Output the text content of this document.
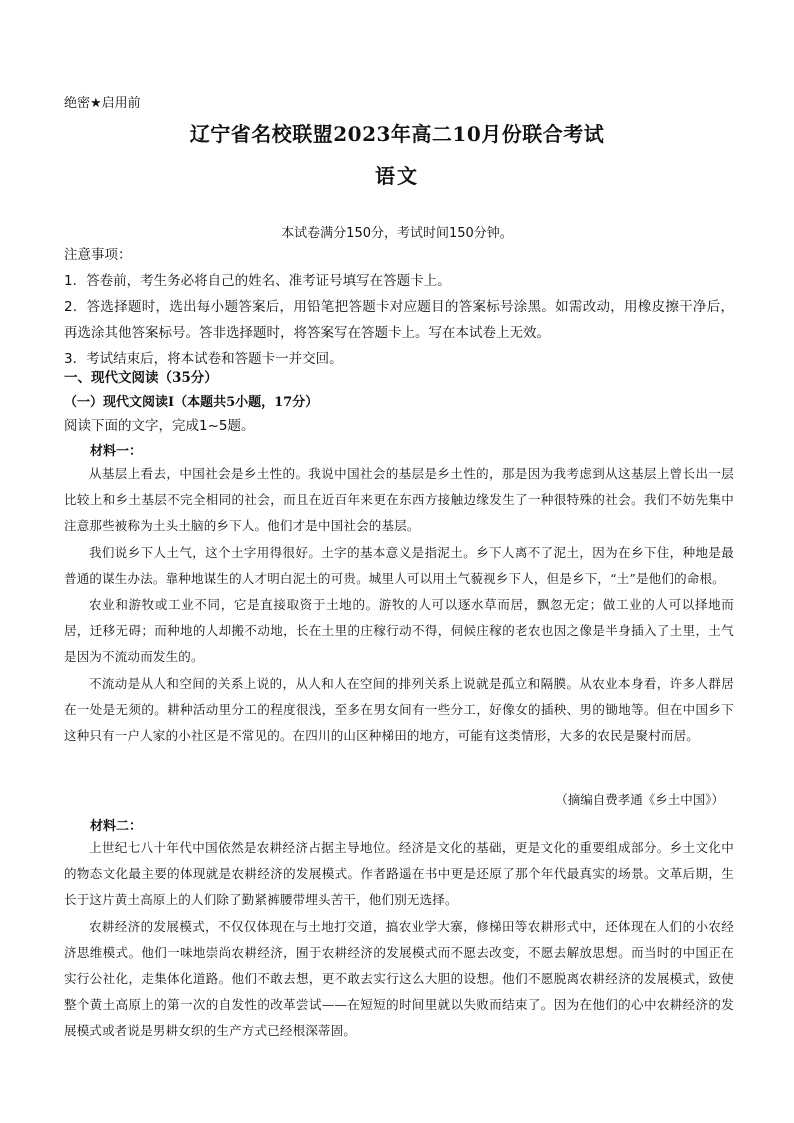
绝密★启用前
辽宁省名校联盟2023年高二10月份联合考试
语文
本试卷满分150分，考试时间150分钟。

注意事项：

1．答卷前，考生务必将自己的姓名、准考证号填写在答题卡上。

2．答选择题时，选出每小题答案后，用铅笔把答题卡对应题目的答案标号涂黑。如需改动，用橡皮擦干净后，再选涂其他答案标号。答非选择题时，将答案写在答题卡上。写在本试卷上无效。

3．考试结束后，将本试卷和答题卡一并交回。

一、现代文阅读（35分）
（一）现代文阅读Ⅰ（本题共5小题，17分）
阅读下面的文字，完成1~5题。
材料一：

从基层上看去，中国社会是乡土性的。我说中国社会的基层是乡土性的，那是因为我考虑到从这基层上曾长出一层比较上和乡土基层不完全相同的社会，而且在近百年来更在东西方接触边缘发生了一种很特殊的社会。我们不妨先集中注意那些被称为土头土脑的乡下人。他们才是中国社会的基层。

我们说乡下人土气，这个土字用得很好。土字的基本意义是指泥土。乡下人离不了泥土，因为在乡下住，种地是最普通的谋生办法。靠种地谋生的人才明白泥土的可贵。城里人可以用土气藐视乡下人，但是乡下，“土”是他们的命根。

农业和游牧或工业不同，它是直接取资于土地的。游牧的人可以逐水草而居，飘忽无定；做工业的人可以择地而居，迁移无碍；而种地的人却搬不动地，长在土里的庄稼行动不得，伺候庄稼的老农也因之像是半身插入了土里，土气是因为不流动而发生的。

不流动是从人和空间的关系上说的，从人和人在空间的排列关系上说就是孤立和隔膜。从农业本身看，许多人群居在一处是无须的。耕种活动里分工的程度很浅，至多在男女间有一些分工，好像女的插秧、男的锄地等。但在中国乡下这种只有一户人家的小社区是不常见的。在四川的山区种梯田的地方，可能有这类情形，大多的农民是聚村而居。

（摘编自费孝通《乡土中国》）
材料二：

上世纪七八十年代中国依然是农耕经济占据主导地位。经济是文化的基础，更是文化的重要组成部分。乡土文化中的物态文化最主要的体现就是农耕经济的发展模式。作者路遥在书中更是还原了那个年代最真实的场景。文革后期，生长于这片黄土高原上的人们除了勤紧裤腰带埋头苦干，他们别无选择。

农耕经济的发展模式，不仅仅体现在与土地打交道，搞农业学大寨，修梯田等农耕形式中，还体现在人们的小农经济思维模式。他们一味地崇尚农耕经济，囿于农耕经济的发展模式而不愿去改变，不愿去解放思想。而当时的中国正在实行公社化，走集体化道路。他们不敢去想，更不敢去实行这么大胆的设想。他们不愿脱离农耕经济的发展模式，致使整个黄土高原上的第一次的自发性的改革尝试——在短短的时间里就以失败而结束了。因为在他们的心中农耕经济的发展模式或者说是男耕女织的生产方式已经根深蒂固。
